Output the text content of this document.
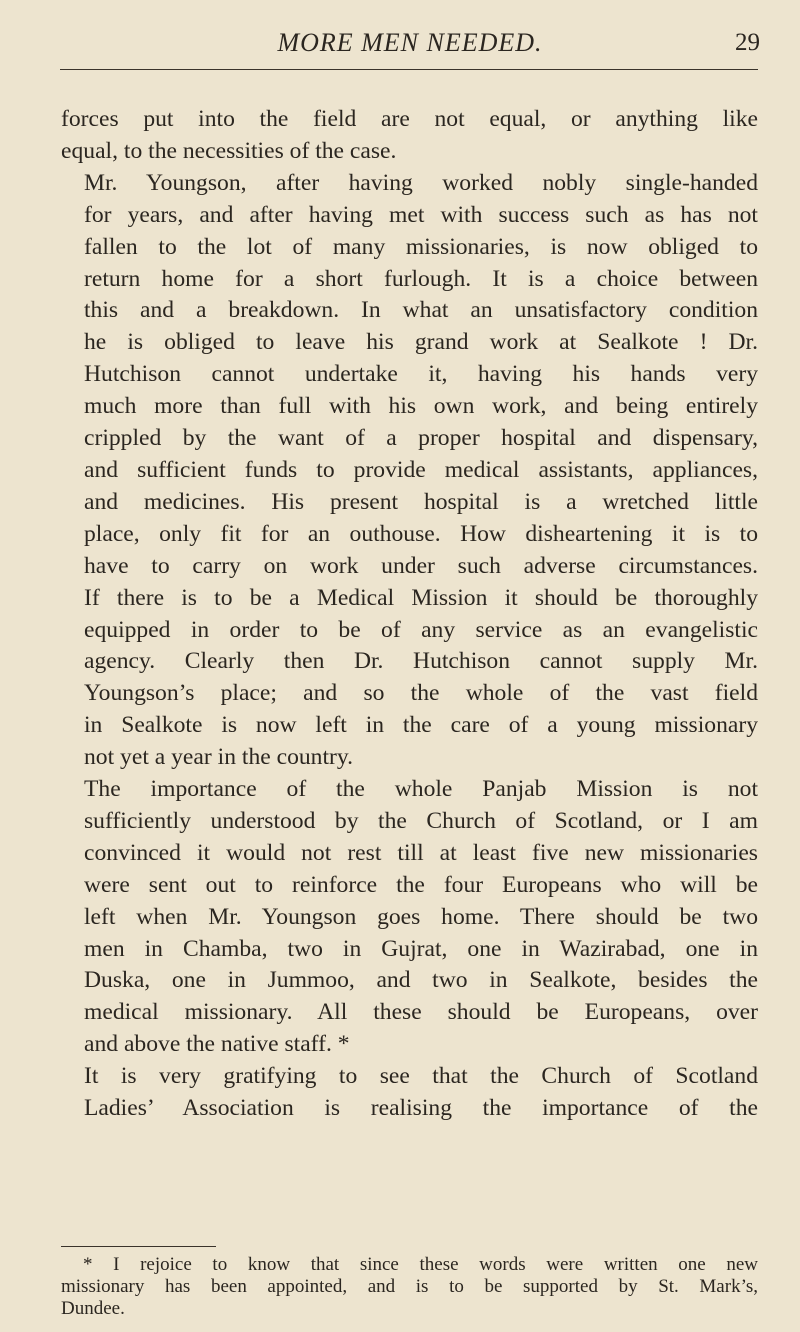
MORE MEN NEEDED.	29

forces put into the field are not equal, or anything like
equal, to the necessities of the case.

Mr. Youngson, after having worked nobly single-handed
for years, and after having met with success such as has not
fallen to the lot of many missionaries, is now obliged to
return home for a short furlough. It is a choice between
this and a breakdown. In what an unsatisfactory condition
he is obliged to leave his grand work at Sealkote ! Dr.
Hutchison cannot undertake it, having his hands very
much more than full with his own work, and being entirely
crippled by the want of a proper hospital and dispensary,
and sufficient funds to provide medical assistants, appliances,
and medicines. His present hospital is a wretched little
place, only fit for an outhouse. How disheartening it is to
have to carry on work under such adverse circumstances.
If there is to be a Medical Mission it should be thoroughly
equipped in order to be of any service as an evangelistic
agency. Clearly then Dr. Hutchison cannot supply Mr.
Youngson’s place; and so the whole of the vast field
in Sealkote is now left in the care of a young missionary
not yet a year in the country.

The importance of the whole Panjab Mission is not
sufficiently understood by the Church of Scotland, or I am
convinced it would not rest till at least five new missionaries
were sent out to reinforce the four Europeans who will be
left when Mr. Youngson goes home. There should be two
men in Chamba, two in Gujrat, one in Wazirabad, one in
Duska, one in Jummoo, and two in Sealkote, besides the
medical missionary. All these should be Europeans, over
and above the native staff. *

It is very gratifying to see that the Church of Scotland
Ladies’ Association is realising the importance of the

* I rejoice to know that since these words were written one new
missionary has been appointed, and is to be supported by St. Mark’s,
Dundee.
